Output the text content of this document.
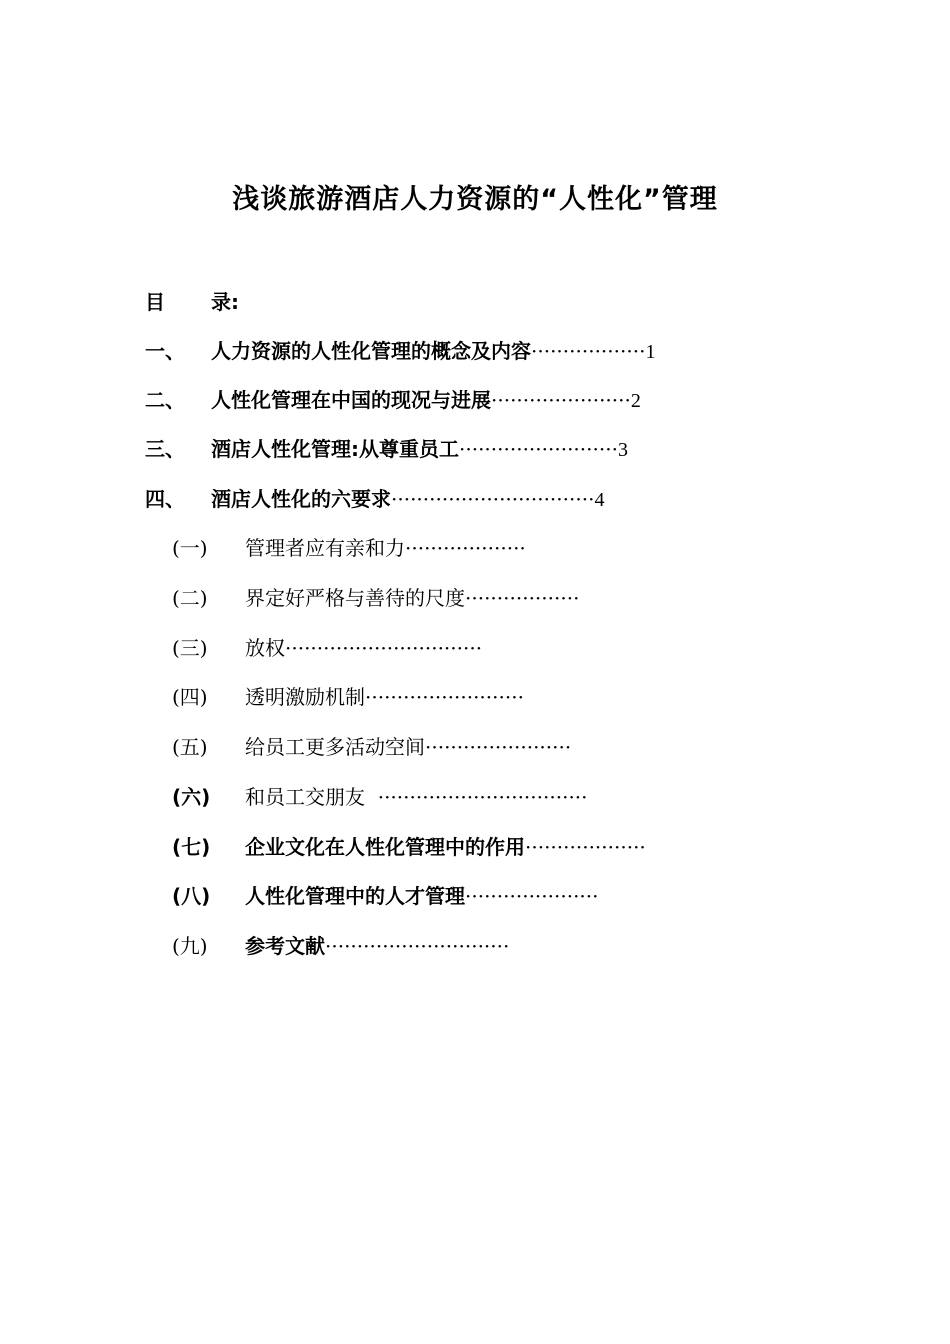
浅谈旅游酒店人力资源的“人性化”管理
目 录:
一、 人力资源的人性化管理的概念及内容··················1
二、 人性化管理在中国的现况与进展······················2
三、 酒店人性化管理:从尊重员工·························3
四、 酒店人性化的六要求································4
(一) 管理者应有亲和力···················
(二) 界定好严格与善待的尺度··················
(三) 放权·······························
(四) 透明激励机制·························
(五) 给员工更多活动空间·······················
(六) 和员工交朋友  ·································
(七) 企业文化在人性化管理中的作用···················
(八) 人性化管理中的人才管理·····················
(九) 参考文献·····························
